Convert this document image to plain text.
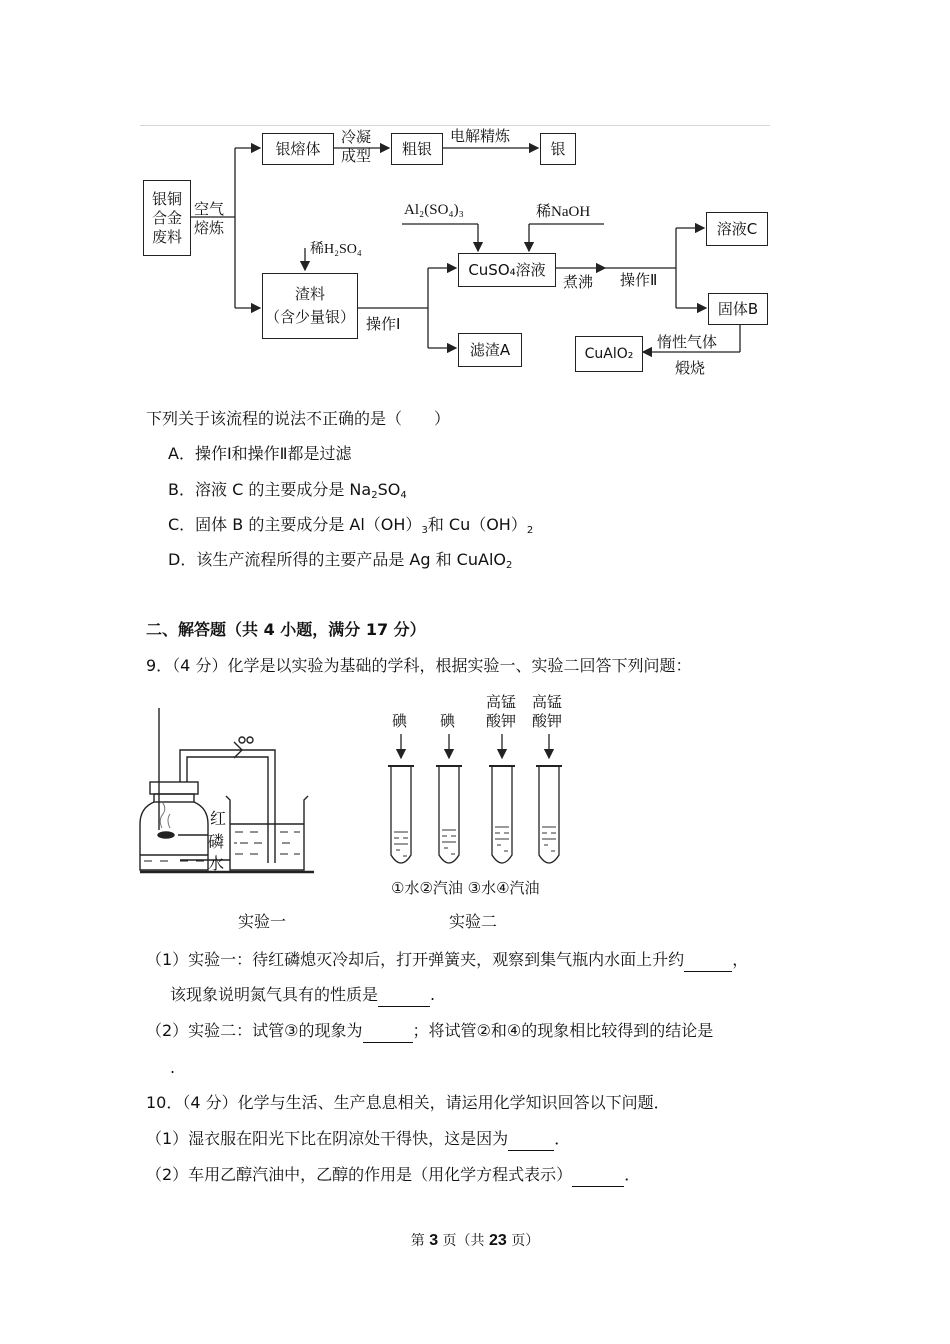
银铜合金废料
空气熔炼
银熔体
冷凝成型 粗银
电解精炼
银
Al₂(SO₄)₃	稀NaOH
稀H₂SO₄
渣料
（含少量银） 操作Ⅰ
CuSO₄溶液
煮沸 操作Ⅱ
溶液C
固体B
滤渣A	CuAlO₂
惰性气体
煅烧
下列关于该流程的说法不正确的是（　　）
A．操作Ⅰ和操作Ⅱ都是过滤
B．溶液 C 的主要成分是 $Na_2SO_4$
C．固体 B 的主要成分是 $Al(OH)_3$和 $Cu(OH)_2$
D．该生产流程所得的主要产品是 Ag 和 CuAlO$_2$
二、解答题（共 4 小题，满分 17 分）
9．（4 分）化学是以实验为基础的学科，根据实验一、实验二回答下列问题：
红
磷
水
实验一
碘 碘
高锰酸钾
高锰酸钾
①水②汽油 ③水④汽油
实验二
（1）实验一：待红磷熄灭冷却后，打开弹簧夹，观察到集气瓶内水面上升约	，
该现象说明氮气具有的性质是	.
（2）实验二：试管③的现象为	；将试管②和④的现象相比较得到的结论是
.
10．（4 分）化学与生活、生产息息相关，请运用化学知识回答以下问题．
（1）湿衣服在阳光下比在阴凉处干得快，这是因为	．
（2）车用乙醇汽油中，乙醇的作用是（用化学方程式表示）	．
第 3 页（共 23 页）
